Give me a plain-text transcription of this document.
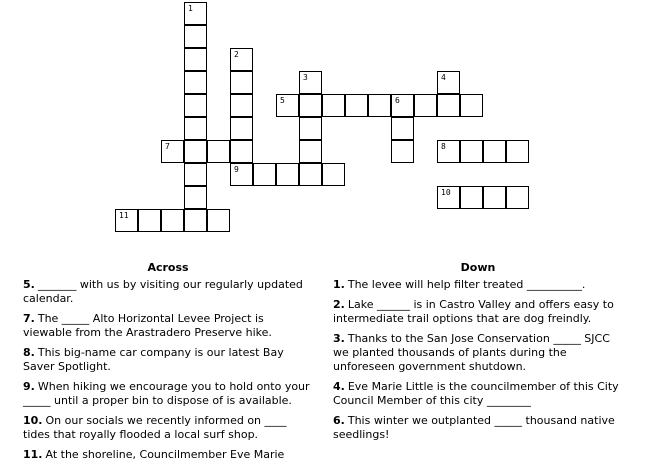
1
2
9
3	4
5	6
7	8
10
11
Across	Down
5. _______ with us by visiting our regularly updated calendar.
7. The _____ Alto Horizontal Levee Project is viewable from the Arastradero Preserve hike.
8. This big-name car company is our latest Bay Saver Spotlight.
9. When hiking we encourage you to hold onto your _____ until a proper bin to dispose of is available.
10. On our socials we recently informed on ____ tides that royally flooded a local surf shop.
11. At the shoreline, Councilmember Eve Marie
1. The levee will help filter treated __________.
2. Lake ______ is in Castro Valley and offers easy to intermediate trail options that are dog freindly.
3. Thanks to the San Jose Conservation _____ SJCC we planted thousands of plants during the unforeseen government shutdown.
4. Eve Marie Little is the councilmember of this City Council Member of this city ________
6. This winter we outplanted _____ thousand native seedlings!
